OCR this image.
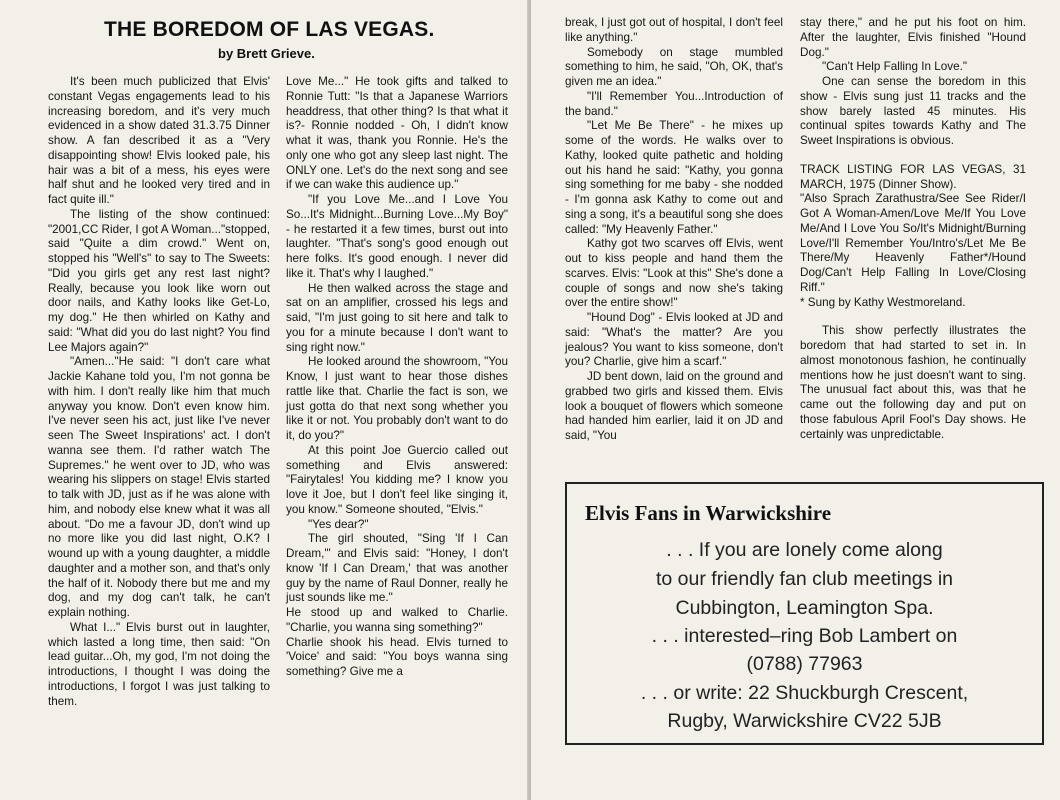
THE BOREDOM OF LAS VEGAS.
by Brett Grieve.

It's been much publicized that Elvis' constant Vegas engagements lead to his increasing boredom, and it's very much evidenced in a show dated 31.3.75 Dinner show. A fan described it as a "Very disappointing show! Elvis looked pale, his hair was a bit of a mess, his eyes were half shut and he looked very tired and in fact quite ill."

The listing of the show continued: "2001,CC Rider, I got A Woman..."stopped, said "Quite a dim crowd." Went on, stopped his "Well's" to say to The Sweets: "Did you girls get any rest last night? Really, because you look like worn out door nails, and Kathy looks like Get-Lo, my dog." He then whirled on Kathy and said: "What did you do last night? You find Lee Majors again?"

"Amen..."He said: "I don't care what Jackie Kahane told you, I'm not gonna be with him. I don't really like him that much anyway you know. Don't even know him. I've never seen his act, just like I've never seen The Sweet Inspirations' act. I don't wanna see them. I'd rather watch The Supremes." he went over to JD, who was wearing his slippers on stage! Elvis started to talk with JD, just as if he was alone with him, and nobody else knew what it was all about. "Do me a favour JD, don't wind up no more like you did last night, O.K? I wound up with a young daughter, a middle daughter and a mother son, and that's only the half of it. Nobody there but me and my dog, and my dog can't talk, he can't explain nothing.

What I..." Elvis burst out in laughter, which lasted a long time, then said: "On lead guitar...Oh, my god, I'm not doing the introductions, I thought I was doing the introductions, I forgot I was just talking to them.

Love Me..." He took gifts and talked to Ronnie Tutt: "Is that a Japanese Warriors headdress, that other thing? Is that what it is?- Ronnie nodded - Oh, I didn't know what it was, thank you Ronnie. He's the only one who got any sleep last night. The ONLY one. Let's do the next song and see if we can wake this audience up."

"If you Love Me...and I Love You So...It's Midnight...Burning Love...My Boy" - he restarted it a few times, burst out into laughter. "That's song's good enough out here folks. It's good enough. I never did like it. That's why I laughed."

He then walked across the stage and sat on an amplifier, crossed his legs and said, "I'm just going to sit here and talk to you for a minute because I don't want to sing right now."

He looked around the showroom, "You Know, I just want to hear those dishes rattle like that. Charlie the fact is son, we just gotta do that next song whether you like it or not. You probably don't want to do it, do you?"

At this point Joe Guercio called out something and Elvis answered: "Fairytales! You kidding me? I know you love it Joe, but I don't feel like singing it, you know." Someone shouted, "Elvis."

"Yes dear?"

The girl shouted, "Sing 'If I Can Dream,'" and Elvis said: "Honey, I don't know 'If I Can Dream,' that was another guy by the name of Raul Donner, really he just sounds like me."

He stood up and walked to Charlie. "Charlie, you wanna sing something?"

Charlie shook his head. Elvis turned to 'Voice' and said: "You boys wanna sing something? Give me a

break, I just got out of hospital, I don't feel like anything."

Somebody on stage mumbled something to him, he said, "Oh, OK, that's given me an idea."

"I'll Remember You...Introduction of the band."

"Let Me Be There" - he mixes up some of the words. He walks over to Kathy, looked quite pathetic and holding out his hand he said: "Kathy, you gonna sing something for me baby - she nodded - I'm gonna ask Kathy to come out and sing a song, it's a beautiful song she does called: "My Heavenly Father."

Kathy got two scarves off Elvis, went out to kiss people and hand them the scarves. Elvis: "Look at this" She's done a couple of songs and now she's taking over the entire show!"

"Hound Dog" - Elvis looked at JD and said: "What's the matter? Are you jealous? You want to kiss someone, don't you? Charlie, give him a scarf."

JD bent down, laid on the ground and grabbed two girls and kissed them. Elvis look a bouquet of flowers which someone had handed him earlier, laid it on JD and said, "You

stay there," and he put his foot on him. After the laughter, Elvis finished "Hound Dog."

"Can't Help Falling In Love."

One can sense the boredom in this show - Elvis sung just 11 tracks and the show barely lasted 45 minutes. His continual spites towards Kathy and The Sweet Inspirations is obvious.

TRACK LISTING FOR LAS VEGAS, 31 MARCH, 1975 (Dinner Show).

"Also Sprach Zarathustra/See See Rider/I Got A Woman-Amen/Love Me/If You Love Me/And I Love You So/It's Midnight/Burning Love/I'll Remember You/Intro's/Let Me Be There/My Heavenly Father*/Hound Dog/Can't Help Falling In Love/Closing Riff."

* Sung by Kathy Westmoreland.

This show perfectly illustrates the boredom that had started to set in. In almost monotonous fashion, he continually mentions how he just doesn't want to sing. The unusual fact about this, was that he came out the following day and put on those fabulous April Fool's Day shows. He certainly was unpredictable.

Elvis Fans in Warwickshire
. . . If you are lonely come along
to our friendly fan club meetings in
Cubbington, Leamington Spa.
. . . interested–ring Bob Lambert on
(0788) 77963
. . . or write: 22 Shuckburgh Crescent,
Rugby, Warwickshire CV22 5JB
